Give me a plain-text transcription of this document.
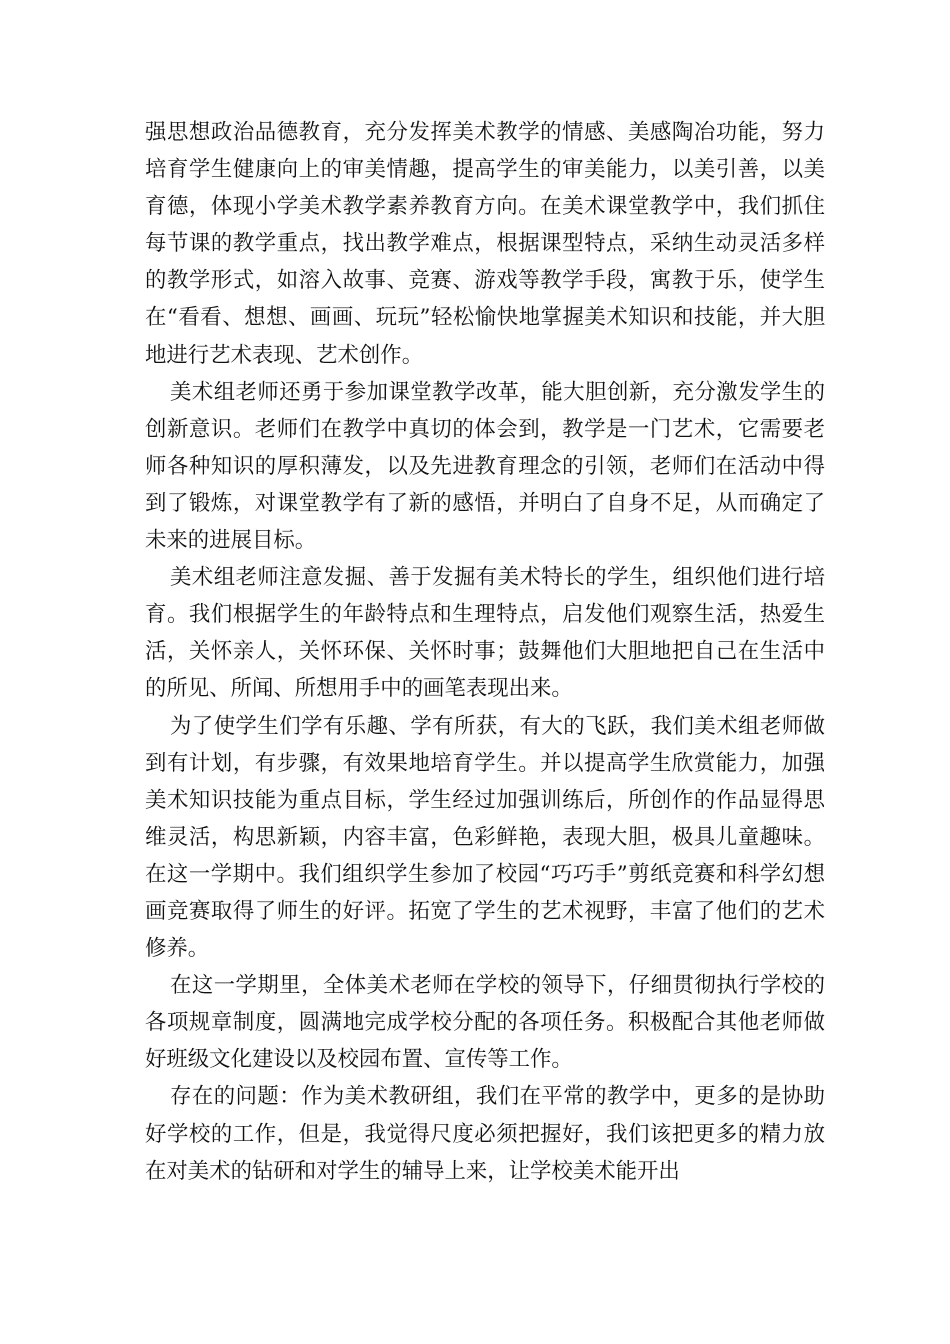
强思想政治品德教育，充分发挥美术教学的情感、美感陶冶功能，努力培育学生健康向上的审美情趣，提高学生的审美能力，以美引善，以美育德，体现小学美术教学素养教育方向。在美术课堂教学中，我们抓住每节课的教学重点，找出教学难点，根据课型特点，采纳生动灵活多样的教学形式，如溶入故事、竞赛、游戏等教学手段，寓教于乐，使学生在“看看、想想、画画、玩玩”轻松愉快地掌握美术知识和技能，并大胆地进行艺术表现、艺术创作。

美术组老师还勇于参加课堂教学改革，能大胆创新，充分激发学生的创新意识。老师们在教学中真切的体会到，教学是一门艺术，它需要老师各种知识的厚积薄发，以及先进教育理念的引领，老师们在活动中得到了锻炼，对课堂教学有了新的感悟，并明白了自身不足，从而确定了未来的进展目标。

美术组老师注意发掘、善于发掘有美术特长的学生，组织他们进行培育。我们根据学生的年龄特点和生理特点，启发他们观察生活，热爱生活，关怀亲人，关怀环保、关怀时事；鼓舞他们大胆地把自己在生活中的所见、所闻、所想用手中的画笔表现出来。

为了使学生们学有乐趣、学有所获，有大的飞跃，我们美术组老师做到有计划，有步骤，有效果地培育学生。并以提高学生欣赏能力，加强美术知识技能为重点目标，学生经过加强训练后，所创作的作品显得思维灵活，构思新颖，内容丰富，色彩鲜艳，表现大胆，极具儿童趣味。在这一学期中。我们组织学生参加了校园“巧巧手”剪纸竞赛和科学幻想画竞赛取得了师生的好评。拓宽了学生的艺术视野，丰富了他们的艺术修养。

在这一学期里，全体美术老师在学校的领导下，仔细贯彻执行学校的各项规章制度，圆满地完成学校分配的各项任务。积极配合其他老师做好班级文化建设以及校园布置、宣传等工作。

存在的问题：作为美术教研组，我们在平常的教学中，更多的是协助好学校的工作，但是，我觉得尺度必须把握好，我们该把更多的精力放在对美术的钻研和对学生的辅导上来，让学校美术能开出
